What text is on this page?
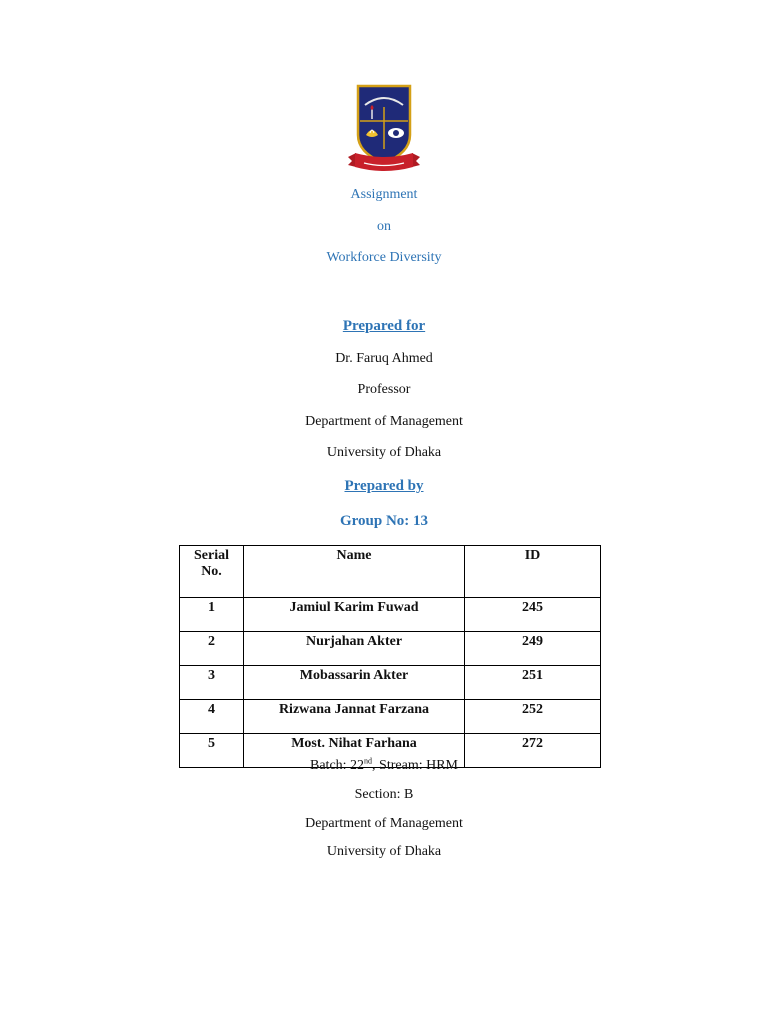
Assignment
on
Workforce Diversity
Prepared for
Dr. Faruq Ahmed
Professor
Department of Management
University of Dhaka
Prepared by
Group No: 13
Serial No.	Name	ID
1	Jamiul Karim Fuwad	245
2	Nurjahan Akter	249
3	Mobassarin Akter	251
4	Rizwana Jannat Farzana	252
5	Most. Nihat Farhana	272
Batch: 22nd, Stream: HRM
Section: B
Department of Management
University of Dhaka
